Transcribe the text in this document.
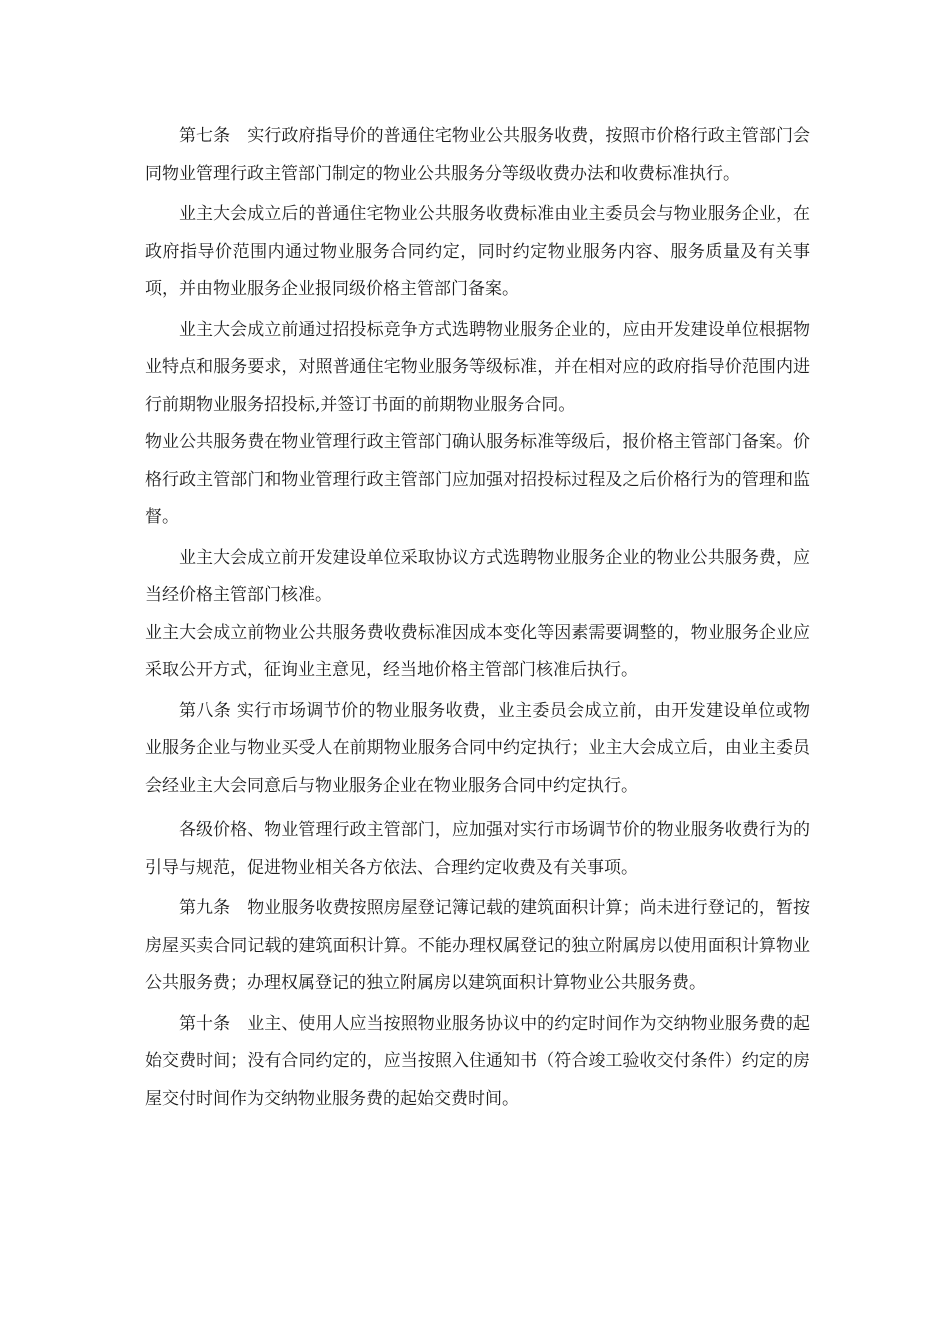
第七条　实行政府指导价的普通住宅物业公共服务收费，按照市价格行政主管部门会同物业管理行政主管部门制定的物业公共服务分等级收费办法和收费标准执行。

业主大会成立后的普通住宅物业公共服务收费标准由业主委员会与物业服务企业，在政府指导价范围内通过物业服务合同约定，同时约定物业服务内容、服务质量及有关事项，并由物业服务企业报同级价格主管部门备案。

业主大会成立前通过招投标竞争方式选聘物业服务企业的，应由开发建设单位根据物业特点和服务要求，对照普通住宅物业服务等级标准，并在相对应的政府指导价范围内进行前期物业服务招投标,并签订书面的前期物业服务合同。

物业公共服务费在物业管理行政主管部门确认服务标准等级后，报价格主管部门备案。价格行政主管部门和物业管理行政主管部门应加强对招投标过程及之后价格行为的管理和监督。

业主大会成立前开发建设单位采取协议方式选聘物业服务企业的物业公共服务费，应当经价格主管部门核准。

业主大会成立前物业公共服务费收费标准因成本变化等因素需要调整的，物业服务企业应采取公开方式，征询业主意见，经当地价格主管部门核准后执行。

第八条 实行市场调节价的物业服务收费，业主委员会成立前，由开发建设单位或物业服务企业与物业买受人在前期物业服务合同中约定执行；业主大会成立后，由业主委员会经业主大会同意后与物业服务企业在物业服务合同中约定执行。

各级价格、物业管理行政主管部门，应加强对实行市场调节价的物业服务收费行为的引导与规范，促进物业相关各方依法、合理约定收费及有关事项。

第九条　物业服务收费按照房屋登记簿记载的建筑面积计算；尚未进行登记的，暂按房屋买卖合同记载的建筑面积计算。不能办理权属登记的独立附属房以使用面积计算物业公共服务费；办理权属登记的独立附属房以建筑面积计算物业公共服务费。

第十条　业主、使用人应当按照物业服务协议中的约定时间作为交纳物业服务费的起始交费时间；没有合同约定的，应当按照入住通知书（符合竣工验收交付条件）约定的房屋交付时间作为交纳物业服务费的起始交费时间。
